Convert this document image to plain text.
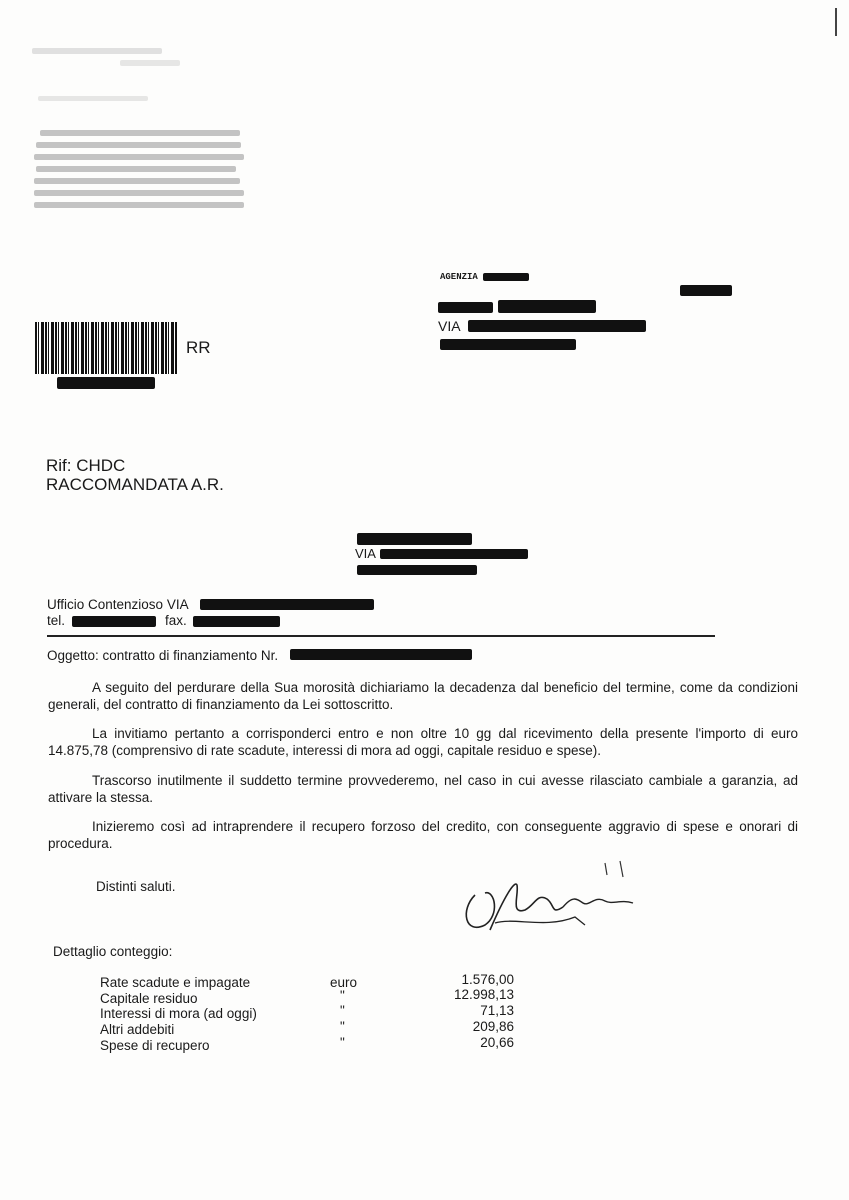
AGENZIA
VIA
RR
Rif: CHDC
RACCOMANDATA A.R.
VIA
Ufficio Contenzioso VIA
tel.	fax.
Oggetto: contratto di finanziamento Nr.
A seguito del perdurare della Sua morosità dichiariamo la decadenza dal beneficio del termine, come da condizioni generali, del contratto di finanziamento da Lei sottoscritto.
La invitiamo pertanto a corrisponderci entro e non oltre 10 gg dal ricevimento della presente l'importo di euro 14.875,78 (comprensivo di rate scadute, interessi di mora ad oggi, capitale residuo e spese).
Trascorso inutilmente il suddetto termine provvederemo, nel caso in cui avesse rilasciato cambiale a garanzia, ad attivare la stessa.
Inizieremo così ad intraprendere il recupero forzoso del credito, con conseguente aggravio di spese e onorari di procedura.
Distinti saluti.
Dettaglio conteggio:
Rate scadute e impagate	euro	1.576,00
Capitale residuo	"	12.998,13
Interessi di mora (ad oggi)	"	71,13
Altri addebiti	"	209,86
Spese di recupero	"	20,66
